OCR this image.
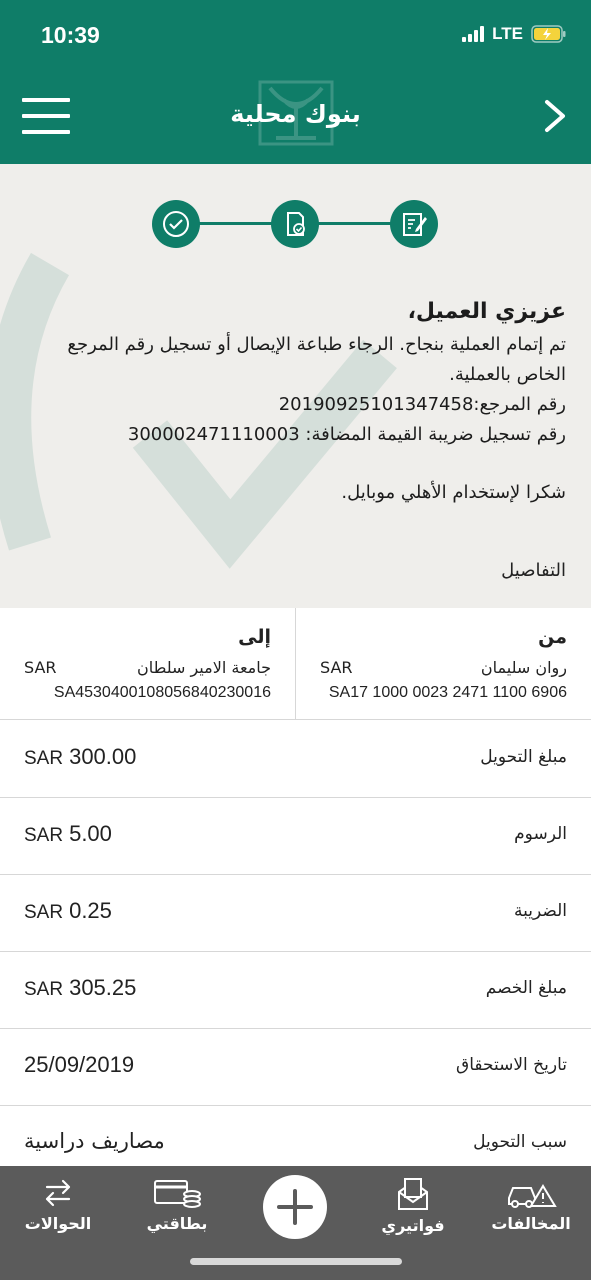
10:39	LTE
بنوك محلية
عزيزي العميل،
تم إتمام العملية بنجاح. الرجاء طباعة الإيصال أو تسجيل رقم المرجع الخاص بالعملية.
رقم المرجع:20190925101347458
رقم تسجيل ضريبة القيمة المضافة: 300002471110003
شكرا لإستخدام الأهلي موبايل.
التفاصيل
من
روان سليمان
SAR
SA17 1000 0023 2471 1100 6906
إلى
جامعة الامير سلطان
SAR
SA4530400108056840230016
مبلغ التحويل
SAR 300.00
الرسوم
SAR 5.00
الضريبة
SAR 0.25
مبلغ الخصم
SAR 305.25
تاريخ الاستحقاق
25/09/2019
سبب التحويل
مصاريف دراسية
الحوالات	بطاقتي	فواتيري	المخالفات
